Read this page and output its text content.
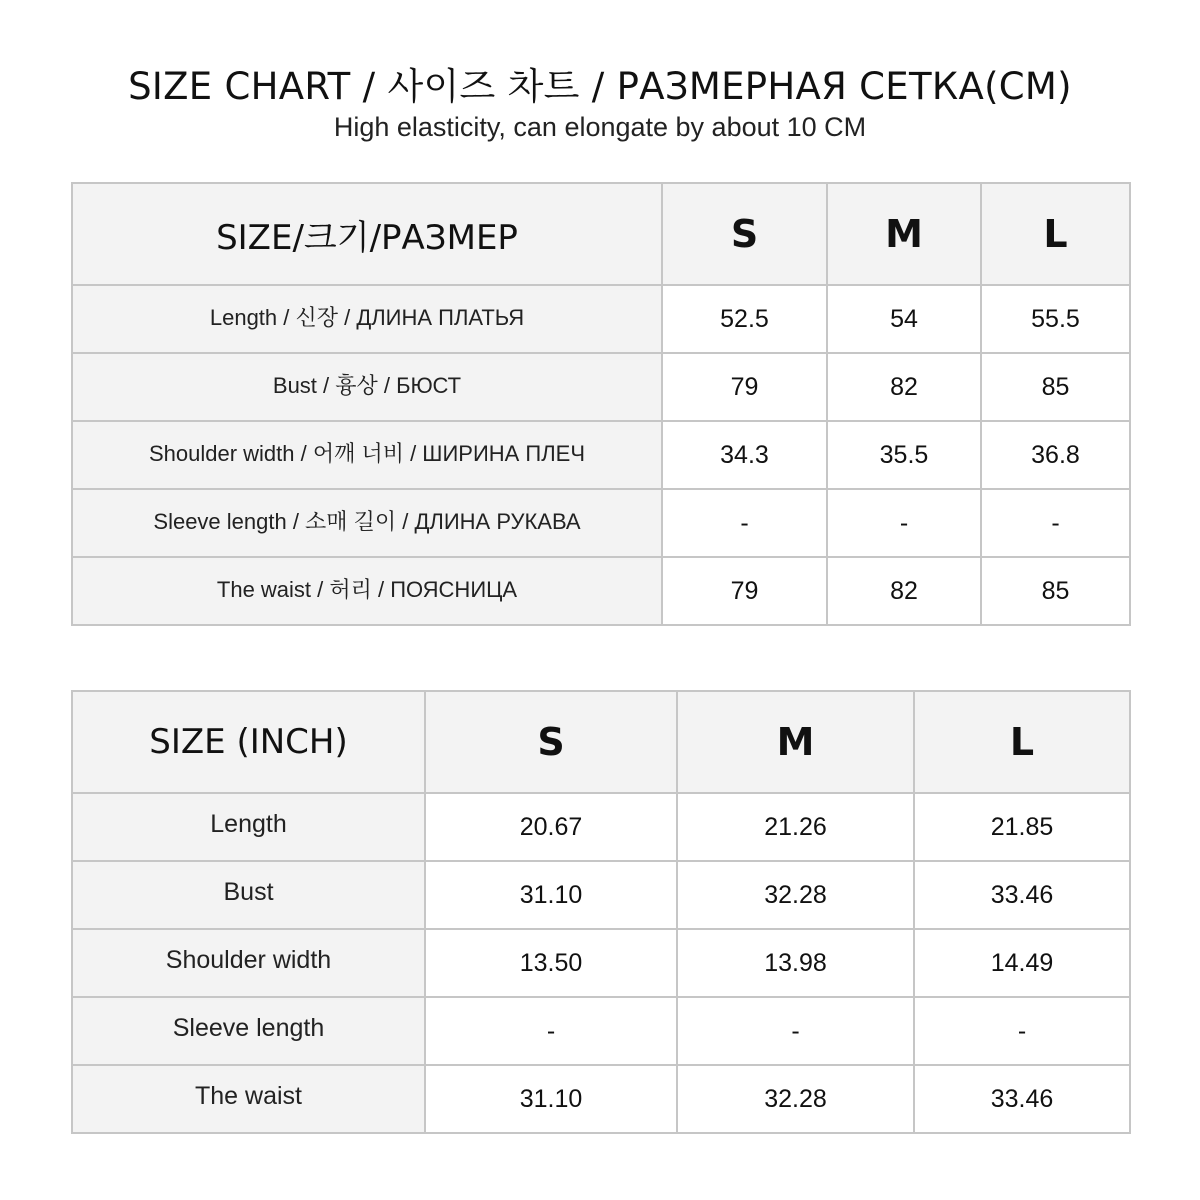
SIZE CHART / 사이즈 차트 / РАЗМЕРНАЯ СЕТКА(CM)
High elasticity, can elongate by about 10 CM
SIZE/크기/РАЗМЕР	S	M	L
Length / 신장 / ДЛИНА ПЛАТЬЯ	52.5	54	55.5
Bust / 흉상 / БЮСТ	79	82	85
Shoulder width / 어깨 너비 / ШИРИНА ПЛЕЧ	34.3	35.5	36.8
Sleeve length / 소매 길이 / ДЛИНА РУКАВА	-	-	-
The waist / 허리 / ПОЯСНИЦА	79	82	85
SIZE (INCH)	S	M	L
Length	20.67	21.26	21.85
Bust	31.10	32.28	33.46
Shoulder width	13.50	13.98	14.49
Sleeve length	-	-	-
The waist	31.10	32.28	33.46
